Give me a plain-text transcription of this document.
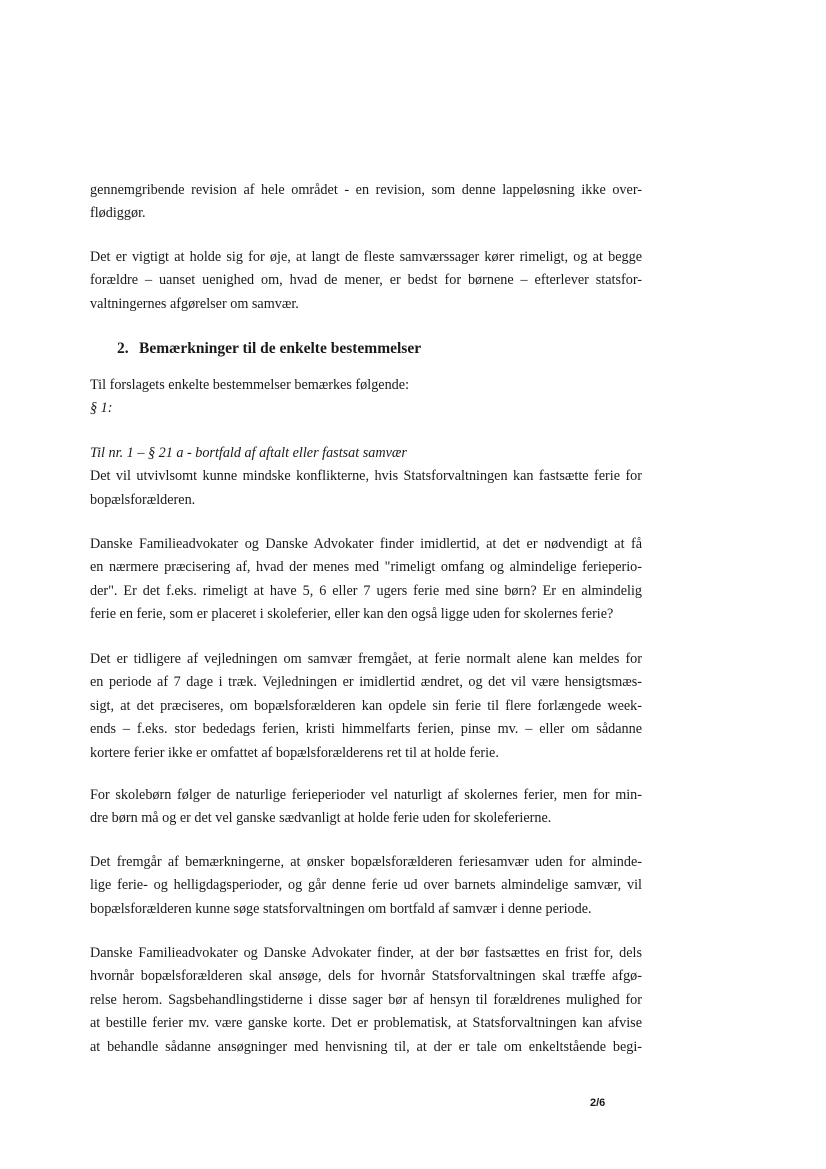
gennemgribende revision af hele området - en revision, som denne lappeløsning ikke over-
flødiggør.
Det er vigtigt at holde sig for øje, at langt de fleste samværssager kører rimeligt, og at begge
forældre – uanset uenighed om, hvad de mener, er bedst for børnene – efterlever statsfor-
valtningernes afgørelser om samvær.
2. Bemærkninger til de enkelte bestemmelser
Til forslagets enkelte bestemmelser bemærkes følgende:
§ 1:
Til nr. 1 – § 21 a - bortfald af aftalt eller fastsat samvær
Det vil utvivlsomt kunne mindske konflikterne, hvis Statsforvaltningen kan fastsætte ferie for
bopælsforælderen.
Danske Familieadvokater og Danske Advokater finder imidlertid, at det er nødvendigt at få
en nærmere præcisering af, hvad der menes med "rimeligt omfang og almindelige ferieperio-
der". Er det f.eks. rimeligt at have 5, 6 eller 7 ugers ferie med sine børn? Er en almindelig
ferie en ferie, som er placeret i skoleferier, eller kan den også ligge uden for skolernes ferie?
Det er tidligere af vejledningen om samvær fremgået, at ferie normalt alene kan meldes for
en periode af 7 dage i træk. Vejledningen er imidlertid ændret, og det vil være hensigtsmæs-
sigt, at det præciseres, om bopælsforælderen kan opdele sin ferie til flere forlængede week-
ends – f.eks. stor bededags ferien, kristi himmelfarts ferien, pinse mv. – eller om sådanne
kortere ferier ikke er omfattet af bopælsforælderens ret til at holde ferie.
For skolebørn følger de naturlige ferieperioder vel naturligt af skolernes ferier, men for min-
dre børn må og er det vel ganske sædvanligt at holde ferie uden for skoleferierne.
Det fremgår af bemærkningerne, at ønsker bopælsforælderen feriesamvær uden for alminde-
lige ferie- og helligdagsperioder, og går denne ferie ud over barnets almindelige samvær, vil
bopælsforælderen kunne søge statsforvaltningen om bortfald af samvær i denne periode.
Danske Familieadvokater og Danske Advokater finder, at der bør fastsættes en frist for, dels
hvornår bopælsforælderen skal ansøge, dels for hvornår Statsforvaltningen skal træffe afgø-
relse herom. Sagsbehandlingstiderne i disse sager bør af hensyn til forældrenes mulighed for
at bestille ferier mv. være ganske korte. Det er problematisk, at Statsforvaltningen kan afvise
at behandle sådanne ansøgninger med henvisning til, at der er tale om enkeltstående begi-
2/6
